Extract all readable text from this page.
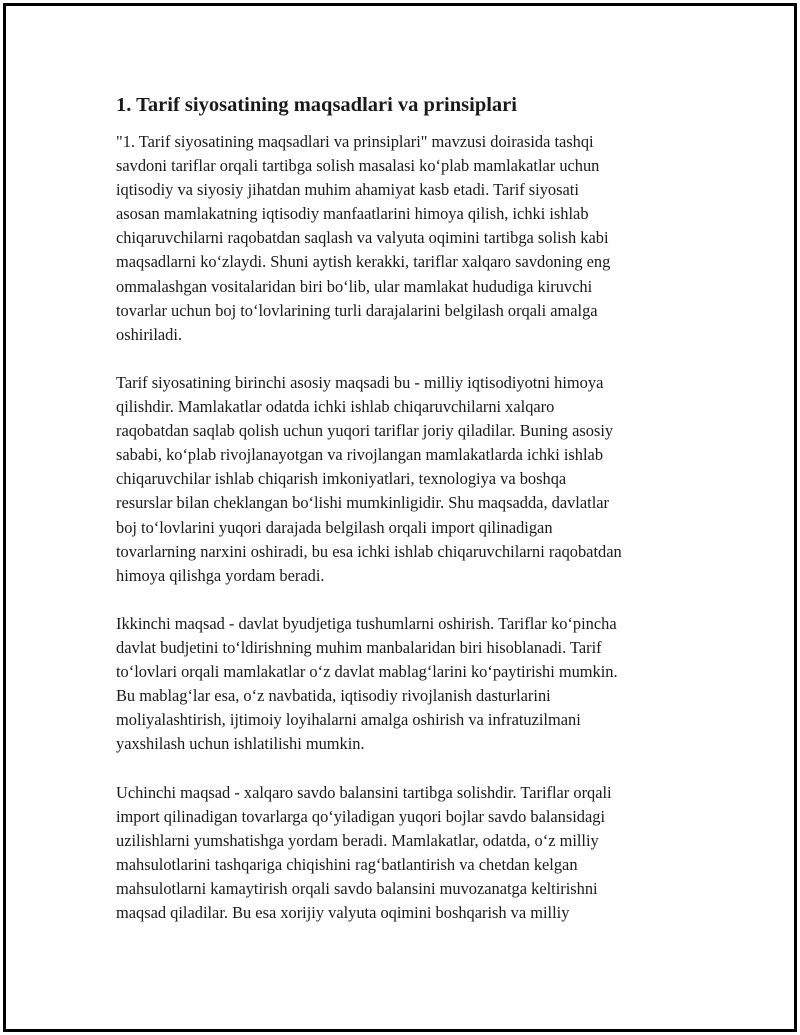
1. Tarif siyosatining maqsadlari va prinsiplari
"1. Tarif siyosatining maqsadlari va prinsiplari" mavzusi doirasida tashqi
savdoni tariflar orqali tartibga solish masalasi koʻplab mamlakatlar uchun
iqtisodiy va siyosiy jihatdan muhim ahamiyat kasb etadi. Tarif siyosati
asosan mamlakatning iqtisodiy manfaatlarini himoya qilish, ichki ishlab
chiqaruvchilarni raqobatdan saqlash va valyuta oqimini tartibga solish kabi
maqsadlarni koʻzlaydi. Shuni aytish kerakki, tariflar xalqaro savdoning eng
ommalashgan vositalaridan biri boʻlib, ular mamlakat hududiga kiruvchi
tovarlar uchun boj toʻlovlarining turli darajalarini belgilash orqali amalga
oshiriladi.
Tarif siyosatining birinchi asosiy maqsadi bu - milliy iqtisodiyotni himoya
qilishdir. Mamlakatlar odatda ichki ishlab chiqaruvchilarni xalqaro
raqobatdan saqlab qolish uchun yuqori tariflar joriy qiladilar. Buning asosiy
sababi, koʻplab rivojlanayotgan va rivojlangan mamlakatlarda ichki ishlab
chiqaruvchilar ishlab chiqarish imkoniyatlari, texnologiya va boshqa
resurslar bilan cheklangan boʻlishi mumkinligidir. Shu maqsadda, davlatlar
boj toʻlovlarini yuqori darajada belgilash orqali import qilinadigan
tovarlarning narxini oshiradi, bu esa ichki ishlab chiqaruvchilarni raqobatdan
himoya qilishga yordam beradi.
Ikkinchi maqsad - davlat byudjetiga tushumlarni oshirish. Tariflar koʻpincha
davlat budjetini toʻldirishning muhim manbalaridan biri hisoblanadi. Tarif
toʻlovlari orqali mamlakatlar oʻz davlat mablagʻlarini koʻpaytirishi mumkin.
Bu mablagʻlar esa, oʻz navbatida, iqtisodiy rivojlanish dasturlarini
moliyalashtirish, ijtimoiy loyihalarni amalga oshirish va infratuzilmani
yaxshilash uchun ishlatilishi mumkin.
Uchinchi maqsad - xalqaro savdo balansini tartibga solishdir. Tariflar orqali
import qilinadigan tovarlarga qoʻyiladigan yuqori bojlar savdo balansidagi
uzilishlarni yumshatishga yordam beradi. Mamlakatlar, odatda, oʻz milliy
mahsulotlarini tashqariga chiqishini ragʻbatlantirish va chetdan kelgan
mahsulotlarni kamaytirish orqali savdo balansini muvozanatga keltirishni
maqsad qiladilar. Bu esa xorijiy valyuta oqimini boshqarish va milliy
